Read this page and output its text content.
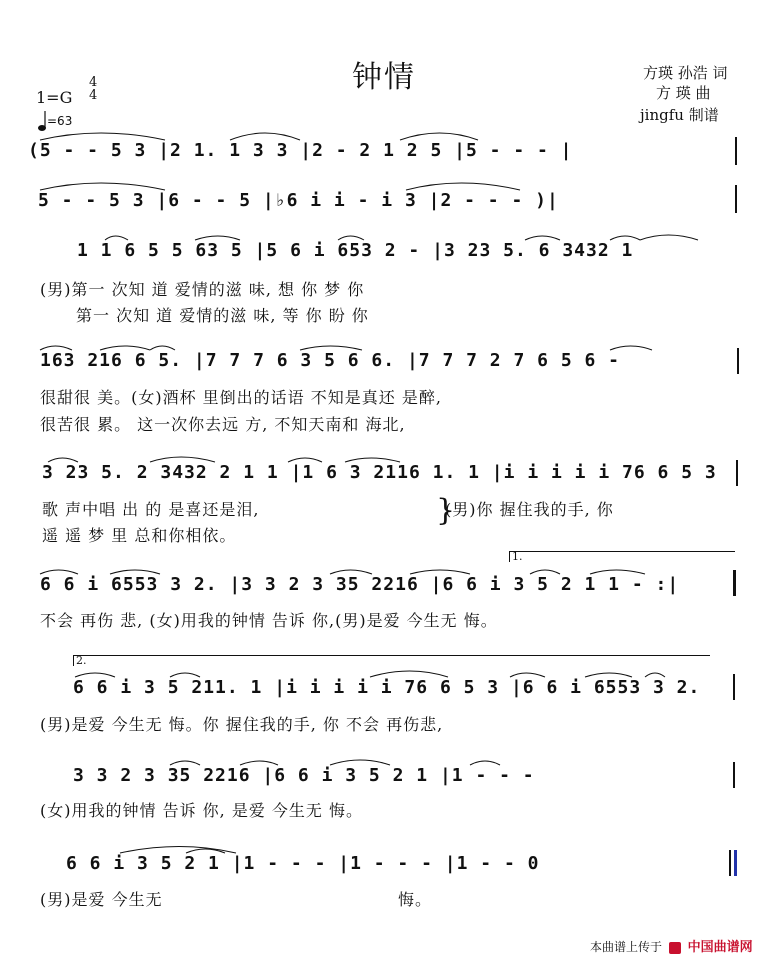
钟情	方瑛 孙浩 词
方 瑛 曲
jingfu 制谱
1=G
4
4
=63
(5 - - 5 3 |2 1. 1 3 3 |2 - 2 1 2 5 |5 - - - |
5 - - 5 3 |6 - - 5 |♭6 i i - i 3 |2 - - - )|
1 1 6 5 5 63 5 |5 6 i 653 2 - |3 23 5. 6 3432 1
(男)第一 次知 道 爱情的滋 味, 想 你 梦 你
第一 次知 道 爱情的滋 味, 等 你 盼 你
163 216 6 5. |7 7 7 6 3 5 6 6. |7 7 7 2 7 6 5 6 -
很甜很 美。(女)酒杯 里倒出的话语 不知是真还 是醉,
很苦很 累。 这一次你去远 方, 不知天南和 海北,
3 23 5. 2 3432 2 1 1 |1 6 3 2116 1. 1 |i i i i i 76 6 5 3
歌 声中唱 出 的 是喜还是泪,
遥 遥 梦 里 总和你相依。
(男)你 握住我的手, 你
}
1.
6 6 i 6553 3 2. |3 3 2 3 35 2216 |6 6 i 3 5 2 1 1 - :|
不会 再伤 悲, (女)用我的钟情 告诉 你,(男)是爱 今生无 悔。
2.
6 6 i 3 5 211. 1 |i i i i i 76 6 5 3 |6 6 i 6553 3 2.
(男)是爱 今生无 悔。你 握住我的手, 你 不会 再伤悲,
3 3 2 3 35 2216 |6 6 i 3 5 2 1 |1 - - -
(女)用我的钟情 告诉 你, 是爱 今生无 悔。
6 6 i 3 5 2 1 |1 - - - |1 - - - |1 - - 0
(男)是爱 今生无	悔。
本曲谱上传于 中国曲谱网
